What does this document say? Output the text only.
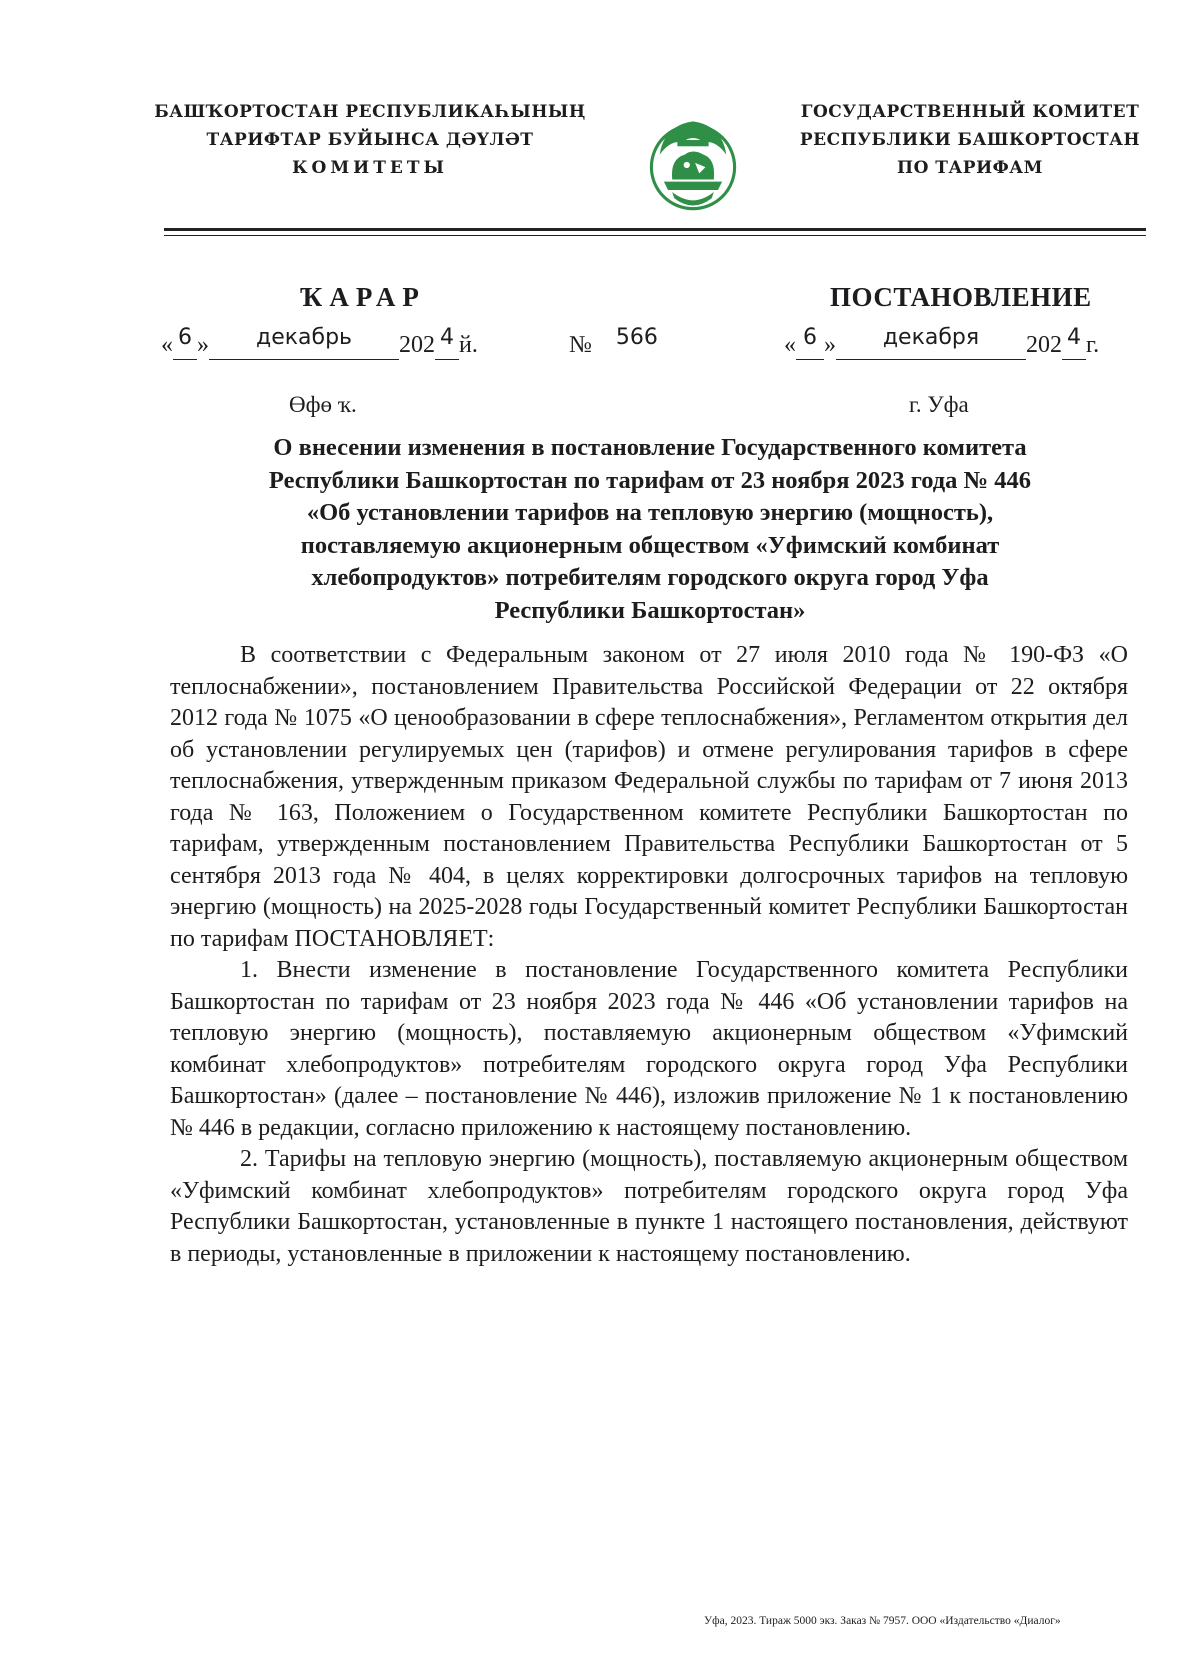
БАШҠОРТОСТАН РЕСПУБЛИКАҺЫНЫҢ
ТАРИФТАР БУЙЫНСА ДӘҮЛӘТ
КОМИТЕТЫ
ГОСУДАРСТВЕННЫЙ КОМИТЕТ
РЕСПУБЛИКИ БАШКОРТОСТАН
ПО ТАРИФАМ
ҠАРАР	ПОСТАНОВЛЕНИЕ
« 6 » декабрь 202 4 й.	№ 566	« 6 » декабря 202 4 г.
Өфө ҡ.	г. Уфа
О внесении изменения в постановление Государственного комитета
Республики Башкортостан по тарифам от 23 ноября 2023 года № 446
«Об установлении тарифов на тепловую энергию (мощность),
поставляемую акционерным обществом «Уфимский комбинат
хлебопродуктов» потребителям городского округа город Уфа
Республики Башкортостан»

В соответствии с Федеральным законом от 27 июля 2010 года № 190-ФЗ «О теплоснабжении», постановлением Правительства Российской Федерации от 22 октября 2012 года № 1075 «О ценообразовании в сфере теплоснабжения», Регламентом открытия дел об установлении регулируемых цен (тарифов) и отмене регулирования тарифов в сфере теплоснабжения, утвержденным приказом Федеральной службы по тарифам от 7 июня 2013 года № 163, Положением о Государственном комитете Республики Башкортостан по тарифам, утвержденным постановлением Правительства Республики Башкортостан от 5 сентября 2013 года № 404, в целях корректировки долгосрочных тарифов на тепловую энергию (мощность) на 2025-2028 годы Государственный комитет Республики Башкортостан по тарифам ПОСТАНОВЛЯЕТ:

1. Внести изменение в постановление Государственного комитета Республики Башкортостан по тарифам от 23 ноября 2023 года № 446 «Об установлении тарифов на тепловую энергию (мощность), поставляемую акционерным обществом «Уфимский комбинат хлебопродуктов» потребителям городского округа город Уфа Республики Башкортостан» (далее – постановление № 446), изложив приложение № 1 к постановлению № 446 в редакции, согласно приложению к настоящему постановлению.

2. Тарифы на тепловую энергию (мощность), поставляемую акционерным обществом «Уфимский комбинат хлебопродуктов» потребителям городского округа город Уфа Республики Башкортостан, установленные в пункте 1 настоящего постановления, действуют в периоды, установленные в приложении к настоящему постановлению.

Уфа, 2023. Тираж 5000 экз. Заказ № 7957. ООО «Издательство «Диалог»
